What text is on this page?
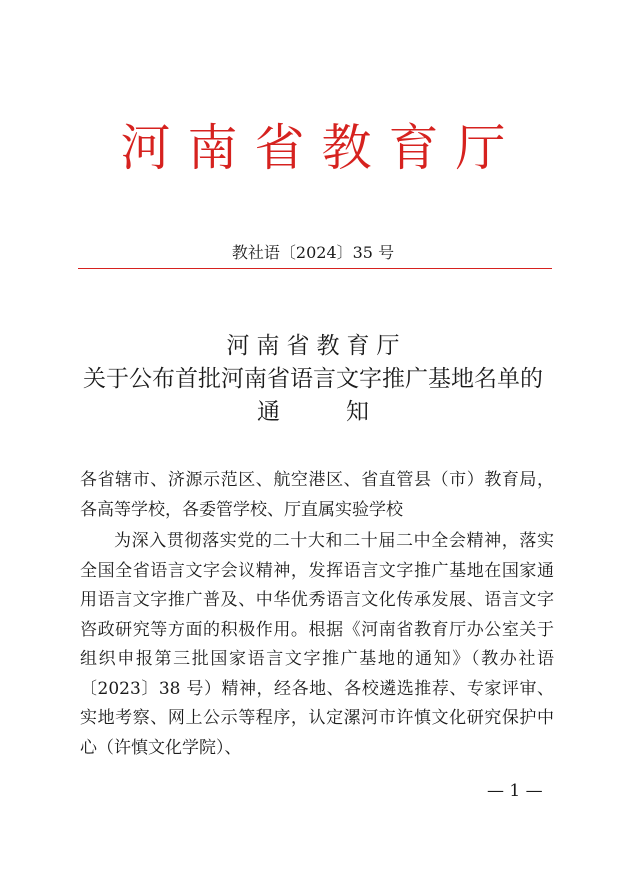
河南省教育厅
教社语〔2024〕35 号
河南省教育厅
关于公布首批河南省语言文字推广基地名单的
通	知
各省辖市、济源示范区、航空港区、省直管县（市）教育局，各高等学校，各委管学校、厅直属实验学校
为深入贯彻落实党的二十大和二十届二中全会精神，落实全国全省语言文字会议精神，发挥语言文字推广基地在国家通用语言文字推广普及、中华优秀语言文化传承发展、语言文字咨政研究等方面的积极作用。根据《河南省教育厅办公室关于组织申报第三批国家语言文字推广基地的通知》（教办社语〔2023〕38 号）精神，经各地、各校遴选推荐、专家评审、实地考察、网上公示等程序，认定漯河市许慎文化研究保护中心（许慎文化学院）、
— 1 —
